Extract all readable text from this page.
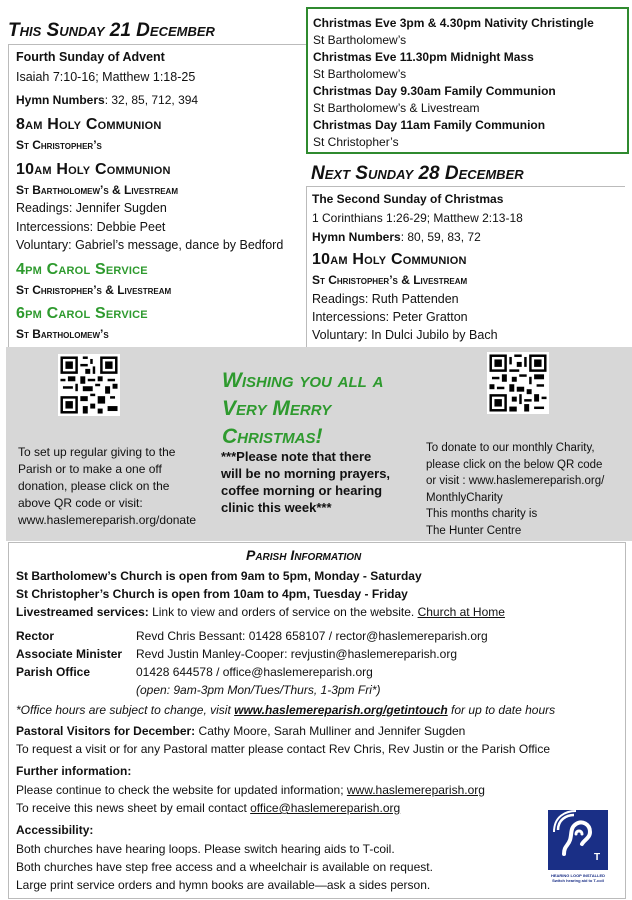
This Sunday 21 December
Fourth Sunday of Advent
Isaiah 7:10-16; Matthew 1:18-25
Hymn Numbers: 32, 85, 712, 394
8am Holy Communion
St Christopher’s
10am Holy Communion
St Bartholomew’s & Livestream
Readings: Jennifer Sugden
Intercessions: Debbie Peet
Voluntary: Gabriel’s message, dance by Bedford
4pm Carol Service
St Christopher’s & Livestream
6pm Carol Service
St Bartholomew’s
Christmas Eve 3pm & 4.30pm Nativity Christingle
St Bartholomew’s
Christmas Eve 11.30pm Midnight Mass
St Bartholomew’s
Christmas Day 9.30am Family Communion
St Bartholomew’s & Livestream
Christmas Day 11am Family Communion
St Christopher’s
Next Sunday 28 December
The Second Sunday of Christmas
1 Corinthians 1:26-29; Matthew 2:13-18
Hymn Numbers: 80, 59, 83, 72
10am Holy Communion
St Christopher’s & Livestream
Readings: Ruth Pattenden
Intercessions: Peter Gratton
Voluntary: In Dulci Jubilo by Bach
Wishing you all a
Very Merry
Christmas!
***Please note that there
will be no morning prayers,
coffee morning or hearing
clinic this week***
To set up regular giving to the
Parish or to make a one off
donation, please click on the
above QR code or visit:
www.haslemereparish.org/donate
To donate to our monthly Charity,
please click on the below QR code
or visit : www.haslemereparish.org/
MonthlyCharity
This months charity is
The Hunter Centre
Parish Information
St Bartholomew’s Church is open from 9am to 5pm, Monday - Saturday
St Christopher’s Church is open from 10am to 4pm, Tuesday - Friday
Livestreamed services: Link to view and orders of service on the website. Church at Home
Rector	Revd Chris Bessant: 01428 658107 / rector@haslemereparish.org
Associate Minister Revd Justin Manley-Cooper: revjustin@haslemereparish.org
Parish Office	01428 644578 / office@haslemereparish.org
(open: 9am-3pm Mon/Tues/Thurs, 1-3pm Fri*)
*Office hours are subject to change, visit www.haslemereparish.org/getintouch for up to date hours
Pastoral Visitors for December: Cathy Moore, Sarah Mulliner and Jennifer Sugden
To request a visit or for any Pastoral matter please contact Rev Chris, Rev Justin or the Parish Office
Further information:
Please continue to check the website for updated information; www.haslemereparish.org
To receive this news sheet by email contact office@haslemereparish.org
Accessibility:
Both churches have hearing loops. Please switch hearing aids to T-coil.
Both churches have step free access and a wheelchair is available on request.
Large print service orders and hymn books are available—ask a sides person.
T
HEARING LOOP INSTALLED Switch hearing aid to T-coil
